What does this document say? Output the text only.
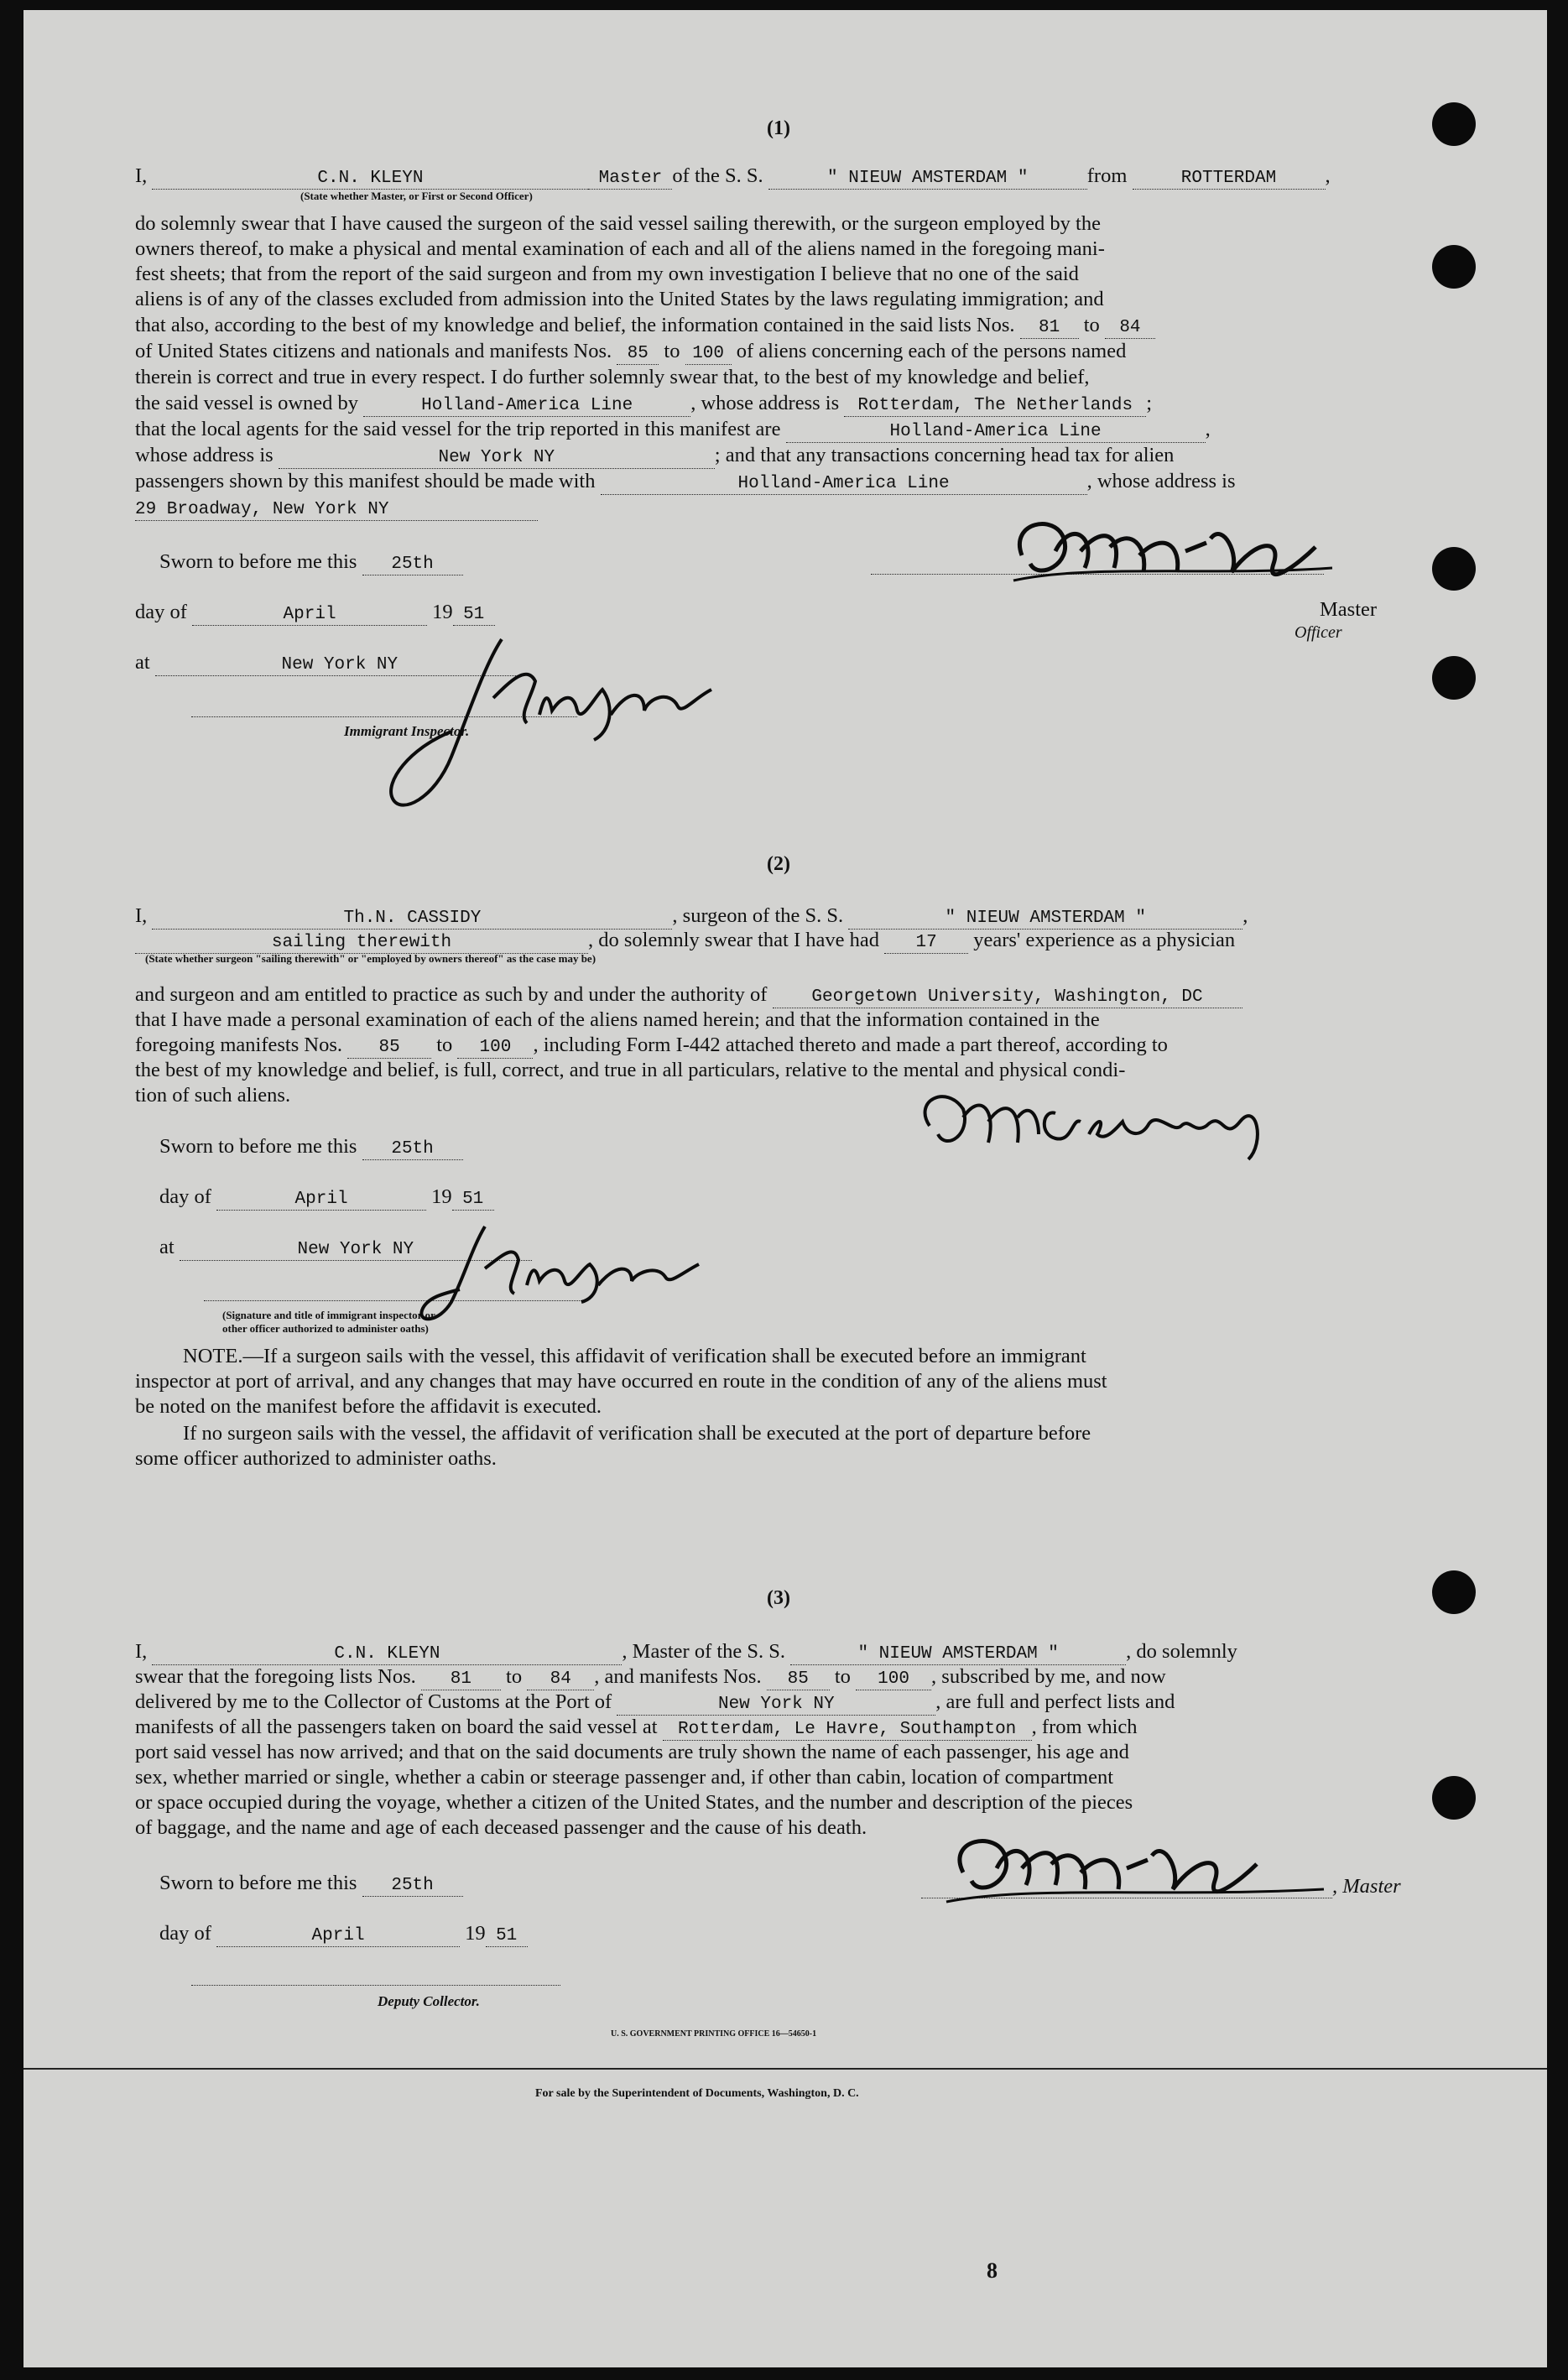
(1)
I,	C.N. KLEYN	Master of the S. S.	" NIEUW AMSTERDAM "	from	ROTTERDAM ,
(State whether Master, or First or Second Officer)
do solemnly swear that I have caused the surgeon of the said vessel sailing therewith, or the surgeon employed by the
owners thereof, to make a physical and mental examination of each and all of the aliens named in the foregoing mani-
fest sheets; that from the report of the said surgeon and from my own investigation I believe that no one of the said
aliens is of any of the classes excluded from admission into the United States by the laws regulating immigration; and
that also, according to the best of my knowledge and belief, the information contained in the said lists Nos. 81 to 84
of United States citizens and nationals and manifests Nos. 85 to 100 of aliens concerning each of the persons named
therein is correct and true in every respect. I do further solemnly swear that, to the best of my knowledge and belief,
the said vessel is owned by	Holland-America Line	, whose address is Rotterdam, The Netherlands ;
that the local agents for the said vessel for the trip reported in this manifest are	Holland-America Line	,
whose address is	New York NY	; and that any transactions concerning head tax for alien
passengers shown by this manifest should be made with	Holland-America Line	, whose address is
29 Broadway, New York NY
Sworn to before me this 25th
day of	April	19 51
at	New York NY
Immigrant Inspector.
Master
Officer
(2)
I,	Th.N. CASSIDY	, surgeon of the S. S.	" NIEUW AMSTERDAM "	,
sailing therewith	, do solemnly swear that I have had 17 years' experience as a physician
(State whether surgeon "sailing therewith" or "employed by owners thereof" as the case may be)
and surgeon and am entitled to practice as such by and under the authority of	Georgetown University, Washington, DC
that I have made a personal examination of each of the aliens named herein; and that the information contained in the
foregoing manifests Nos. 85 to 100 , including Form I-442 attached thereto and made a part thereof, according to
the best of my knowledge and belief, is full, correct, and true in all particulars, relative to the mental and physical condi-
tion of such aliens.
Sworn to before me this 25th
day of	April	19 51
at	New York NY
(Signature and title of immigrant inspector or
other officer authorized to administer oaths)
NOTE.—If a surgeon sails with the vessel, this affidavit of verification shall be executed before an immigrant
inspector at port of arrival, and any changes that may have occurred en route in the condition of any of the aliens must
be noted on the manifest before the affidavit is executed.
If no surgeon sails with the vessel, the affidavit of verification shall be executed at the port of departure before
some officer authorized to administer oaths.
(3)
I,	C.N. KLEYN	, Master of the S. S.	" NIEUW AMSTERDAM "	, do solemnly
swear that the foregoing lists Nos. 81 to 84 , and manifests Nos. 85 to 100 , subscribed by me, and now
delivered by me to the Collector of Customs at the Port of	New York NY	, are full and perfect lists and
manifests of all the passengers taken on board the said vessel at Rotterdam, Le Havre, Southampton , from which
port said vessel has now arrived; and that on the said documents are truly shown the name of each passenger, his age and
sex, whether married or single, whether a cabin or steerage passenger and, if other than cabin, location of compartment
or space occupied during the voyage, whether a citizen of the United States, and the number and description of the pieces
of baggage, and the name and age of each deceased passenger and the cause of his death.
Sworn to before me this 25th
day of	April	19 51
, Master
Deputy Collector.
U. S. GOVERNMENT PRINTING OFFICE 16—54650-1
For sale by the Superintendent of Documents, Washington, D. C.
8
